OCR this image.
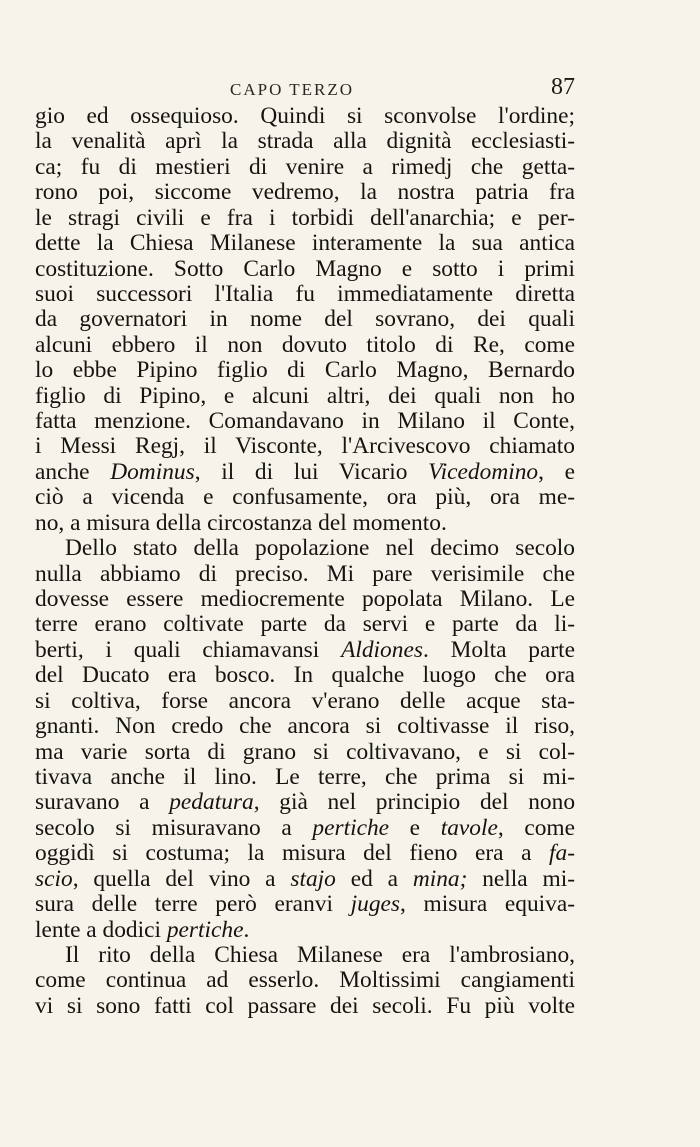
CAPO TERZO	87
gio ed ossequioso. Quindi si sconvolse l'ordine;
la venalità aprì la strada alla dignità ecclesiasti-
ca; fu di mestieri di venire a rimedj che getta-
rono poi, siccome vedremo, la nostra patria fra
le stragi civili e fra i torbidi dell'anarchia; e per-
dette la Chiesa Milanese interamente la sua antica
costituzione. Sotto Carlo Magno e sotto i primi
suoi successori l'Italia fu immediatamente diretta
da governatori in nome del sovrano, dei quali
alcuni ebbero il non dovuto titolo di Re, come
lo ebbe Pipino figlio di Carlo Magno, Bernardo
figlio di Pipino, e alcuni altri, dei quali non ho
fatta menzione. Comandavano in Milano il Conte,
i Messi Regj, il Visconte, l'Arcivescovo chiamato
anche Dominus, il di lui Vicario Vicedomino, e
ciò a vicenda e confusamente, ora più, ora me-
no, a misura della circostanza del momento.
Dello stato della popolazione nel decimo secolo
nulla abbiamo di preciso. Mi pare verisimile che
dovesse essere mediocremente popolata Milano. Le
terre erano coltivate parte da servi e parte da li-
berti, i quali chiamavansi Aldiones. Molta parte
del Ducato era bosco. In qualche luogo che ora
si coltiva, forse ancora v'erano delle acque sta-
gnanti. Non credo che ancora si coltivasse il riso,
ma varie sorta di grano si coltivavano, e si col-
tivava anche il lino. Le terre, che prima si mi-
suravano a pedatura, già nel principio del nono
secolo si misuravano a pertiche e tavole, come
oggidì si costuma; la misura del fieno era a fa-
scio, quella del vino a stajo ed a mina; nella mi-
sura delle terre però eranvi juges, misura equiva-
lente a dodici pertiche.
Il rito della Chiesa Milanese era l'ambrosiano,
come continua ad esserlo. Moltissimi cangiamenti
vi si sono fatti col passare dei secoli. Fu più volte
